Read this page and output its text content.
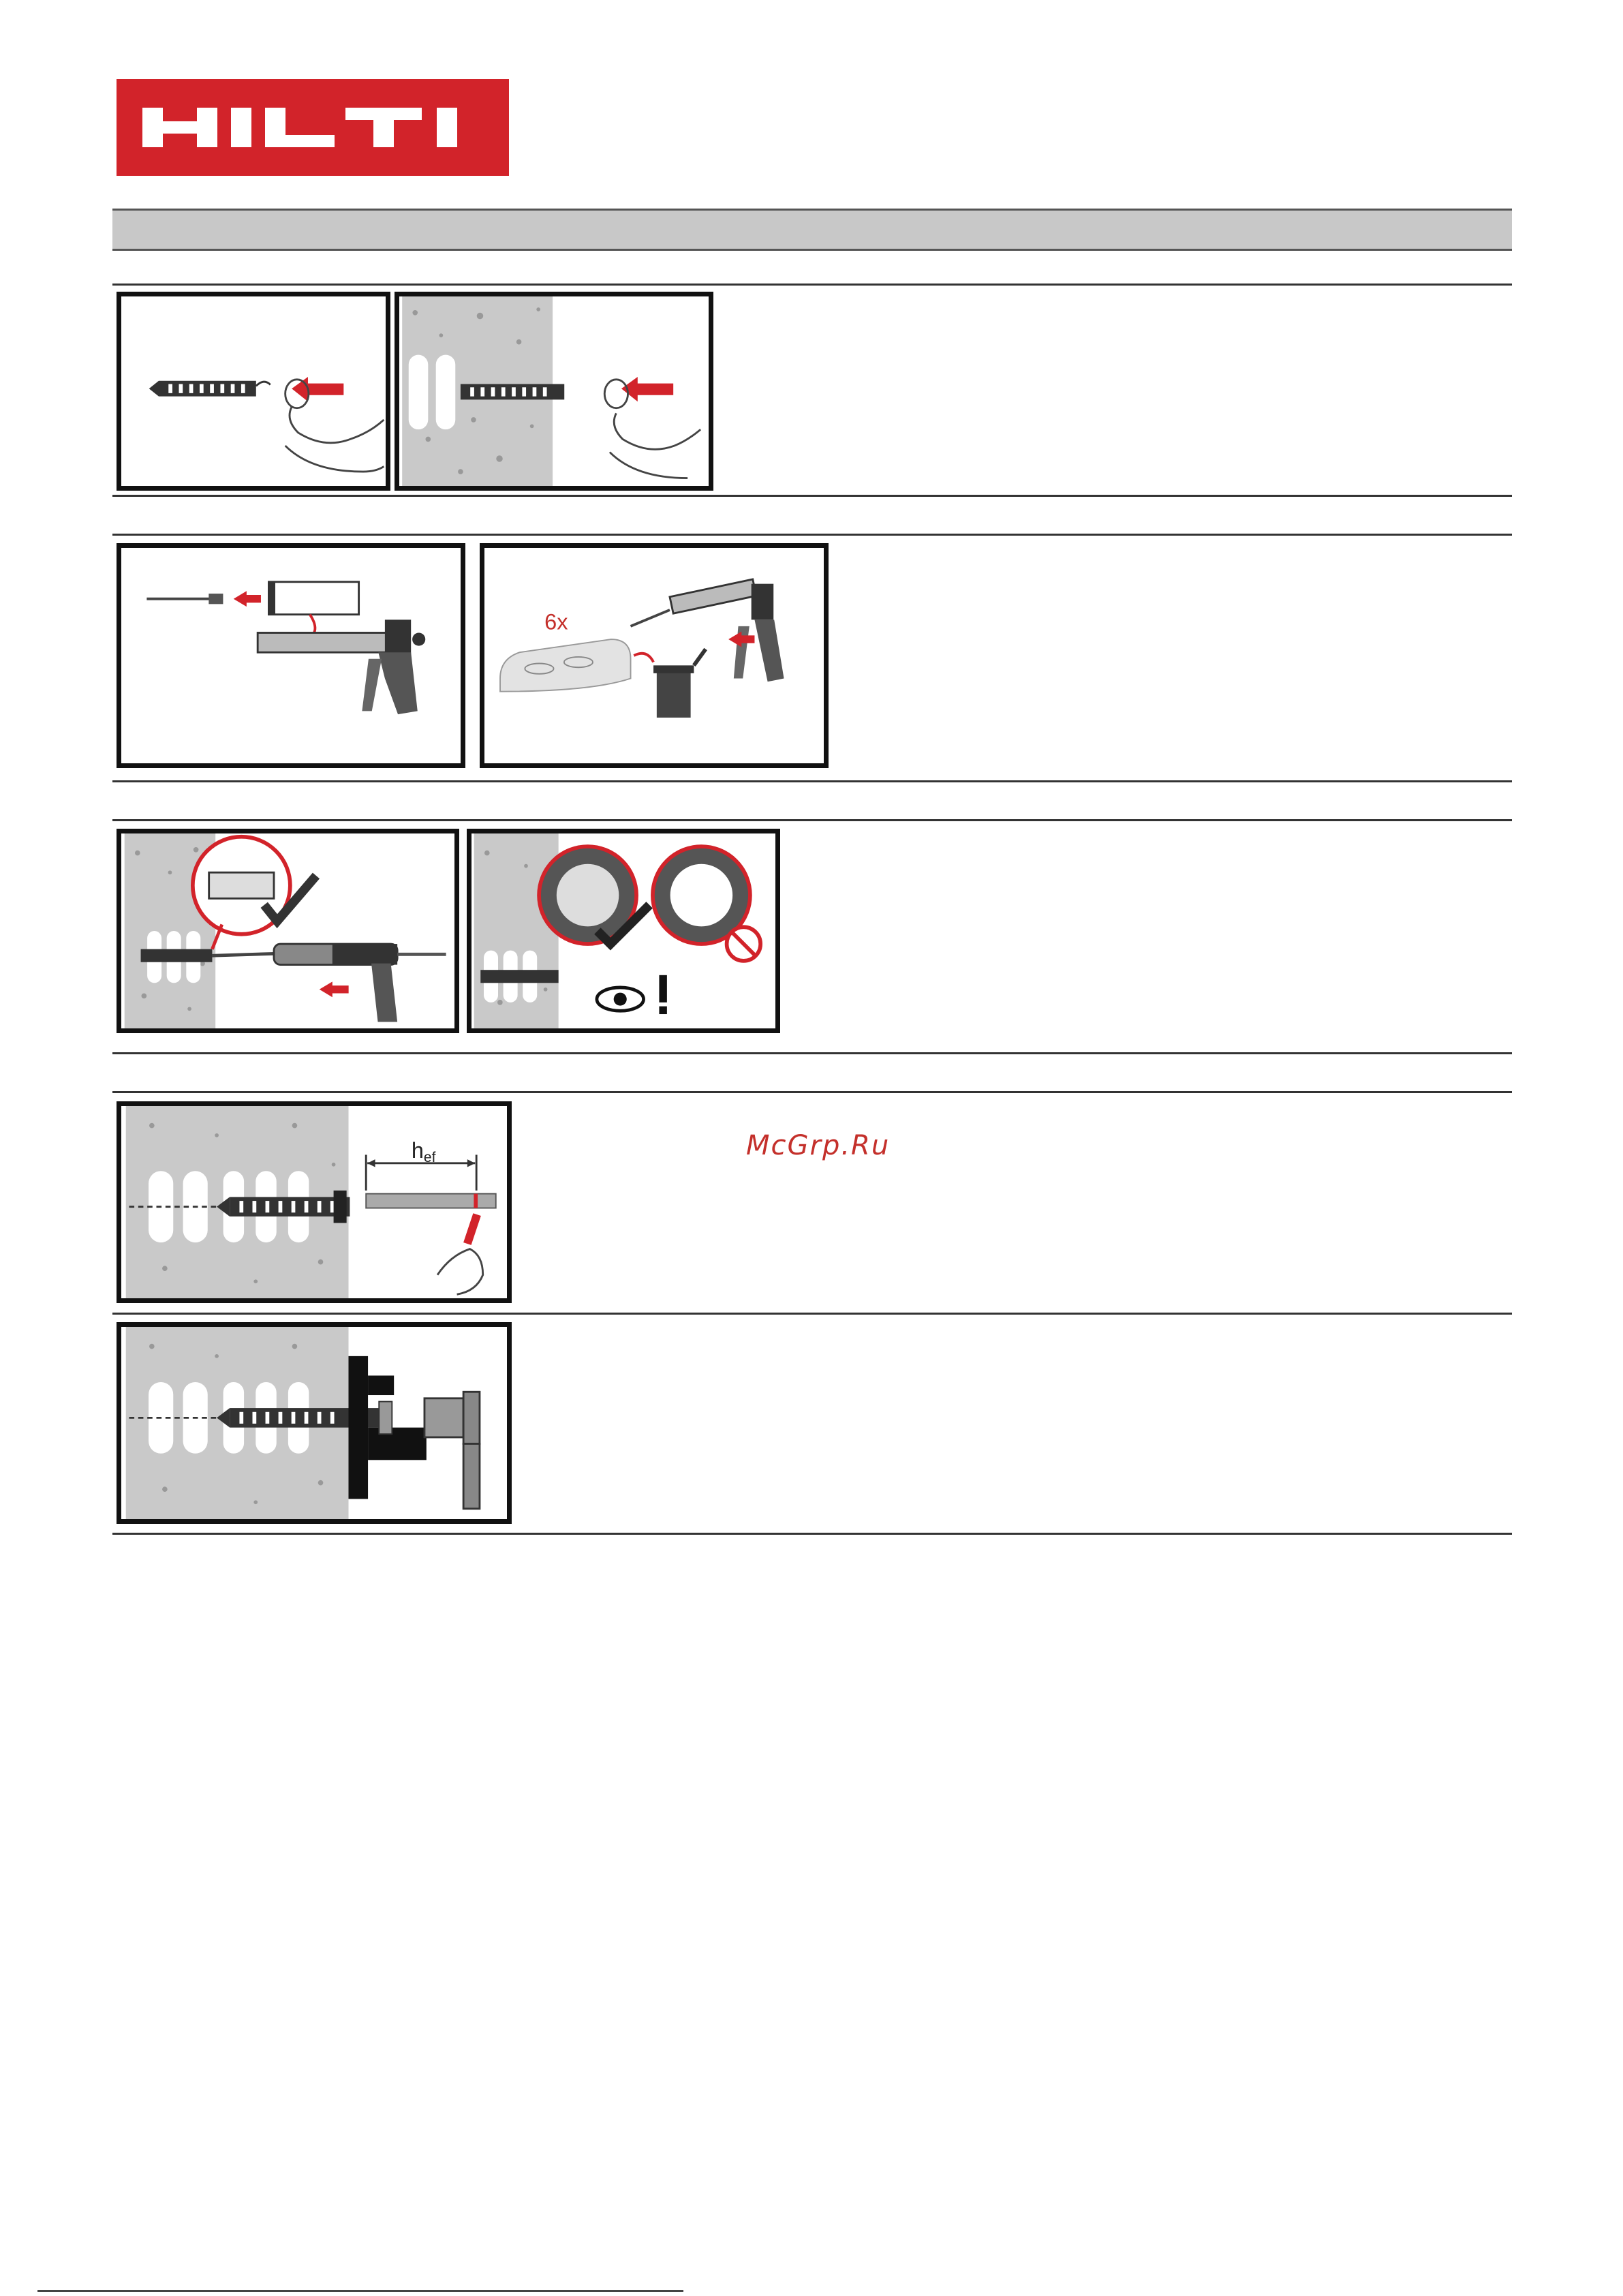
6x
McGrp.Ru
hef
